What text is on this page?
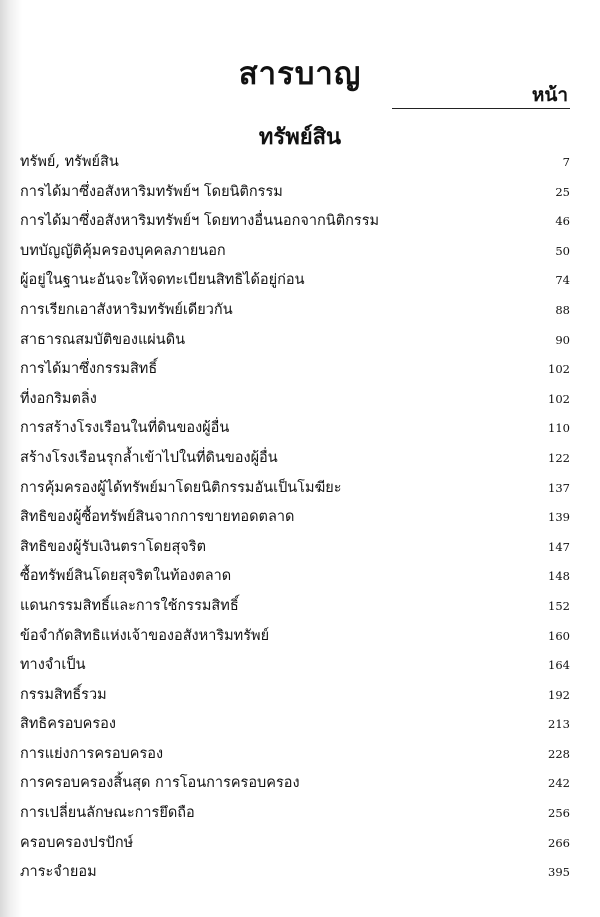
สารบาญ
หน้า
ทรัพย์สิน
ทรัพย์, ทรัพย์สิน	7
การได้มาซึ่งอสังหาริมทรัพย์ฯ โดยนิติกรรม	25
การได้มาซึ่งอสังหาริมทรัพย์ฯ โดยทางอื่นนอกจากนิติกรรม	46
บทบัญญัติคุ้มครองบุคคลภายนอก	50
ผู้อยู่ในฐานะอันจะให้จดทะเบียนสิทธิได้อยู่ก่อน	74
การเรียกเอาสังหาริมทรัพย์เดียวกัน	88
สาธารณสมบัติของแผ่นดิน	90
การได้มาซึ่งกรรมสิทธิ์	102
ที่งอกริมตลิ่ง	102
การสร้างโรงเรือนในที่ดินของผู้อื่น	110
สร้างโรงเรือนรุกล้ำเข้าไปในที่ดินของผู้อื่น	122
การคุ้มครองผู้ได้ทรัพย์มาโดยนิติกรรมอันเป็นโมฆียะ	137
สิทธิของผู้ซื้อทรัพย์สินจากการขายทอดตลาด	139
สิทธิของผู้รับเงินตราโดยสุจริต	147
ซื้อทรัพย์สินโดยสุจริตในท้องตลาด	148
แดนกรรมสิทธิ์และการใช้กรรมสิทธิ์	152
ข้อจำกัดสิทธิแห่งเจ้าของอสังหาริมทรัพย์	160
ทางจำเป็น	164
กรรมสิทธิ์รวม	192
สิทธิครอบครอง	213
การแย่งการครอบครอง	228
การครอบครองสิ้นสุด การโอนการครอบครอง	242
การเปลี่ยนลักษณะการยึดถือ	256
ครอบครองปรปักษ์	266
ภาระจำยอม	395
